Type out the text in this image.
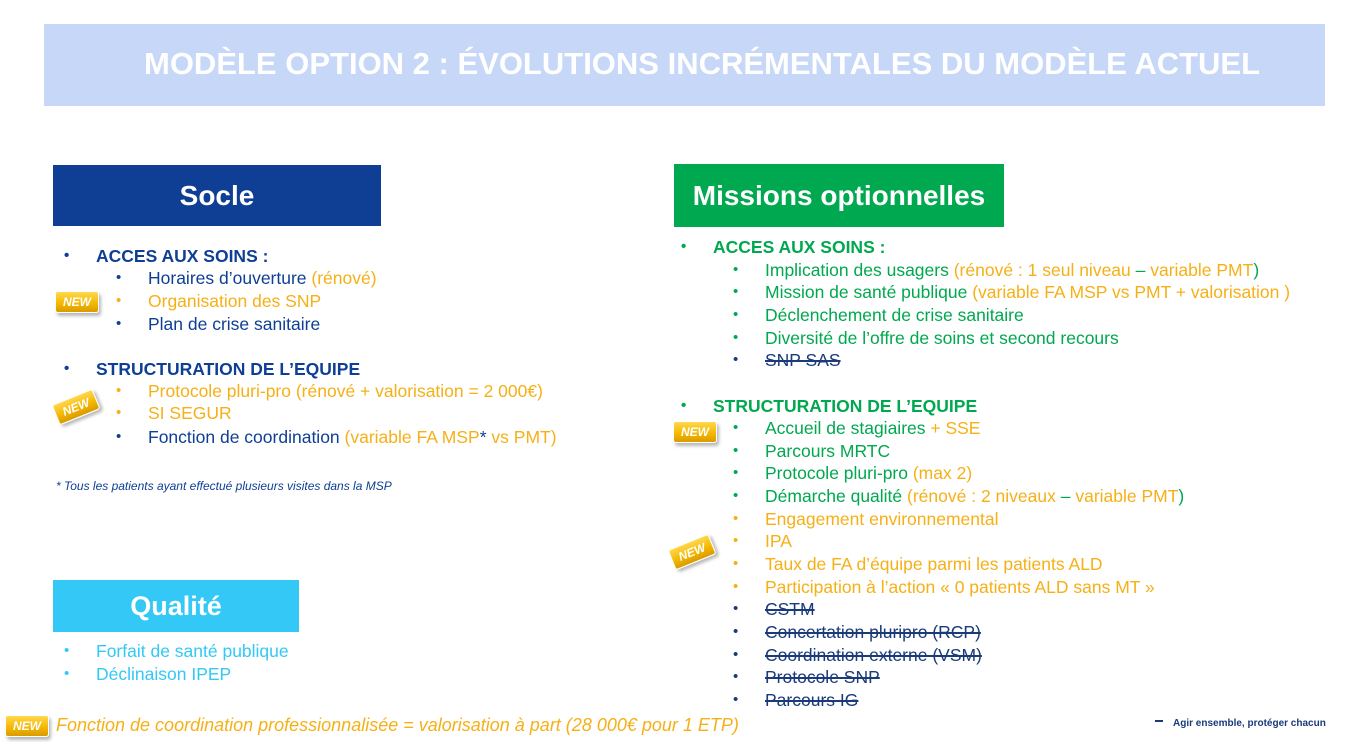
MODÈLE OPTION 2 : ÉVOLUTIONS INCRÉMENTALES DU MODÈLE ACTUEL
Socle
• ACCES AUX SOINS :
• Horaires d’ouverture (rénové)
• Organisation des SNP
• Plan de crise sanitaire
• STRUCTURATION DE L’EQUIPE
• Protocole pluri-pro (rénové + valorisation = 2 000€)
• SI SEGUR
• Fonction de coordination (variable FA MSP* vs PMT)
* Tous les patients ayant effectué plusieurs visites dans la MSP
Qualité
• Forfait de santé publique
• Déclinaison IPEP
Missions optionnelles
• ACCES AUX SOINS :
• Implication des usagers (rénové : 1 seul niveau – variable PMT)
• Mission de santé publique (variable FA MSP vs PMT + valorisation )
• Déclenchement de crise sanitaire
• Diversité de l’offre de soins et second recours
• SNP SAS
• STRUCTURATION DE L’EQUIPE
• Accueil de stagiaires + SSE
• Parcours MRTC
• Protocole pluri-pro (max 2)
• Démarche qualité (rénové : 2 niveaux – variable PMT)
• Engagement environnemental
• IPA
• Taux de FA d’équipe parmi les patients ALD
• Participation à l’action « 0 patients ALD sans MT »
• CSTM
• Concertation pluripro (RCP)
• Coordination externe (VSM)
• Protocole SNP
• Parcours IG
NEW
NEW
NEW
NEW
NEW Fonction de coordination professionnalisée = valorisation à part (28 000€ pour 1 ETP)	Agir ensemble, protéger chacun
